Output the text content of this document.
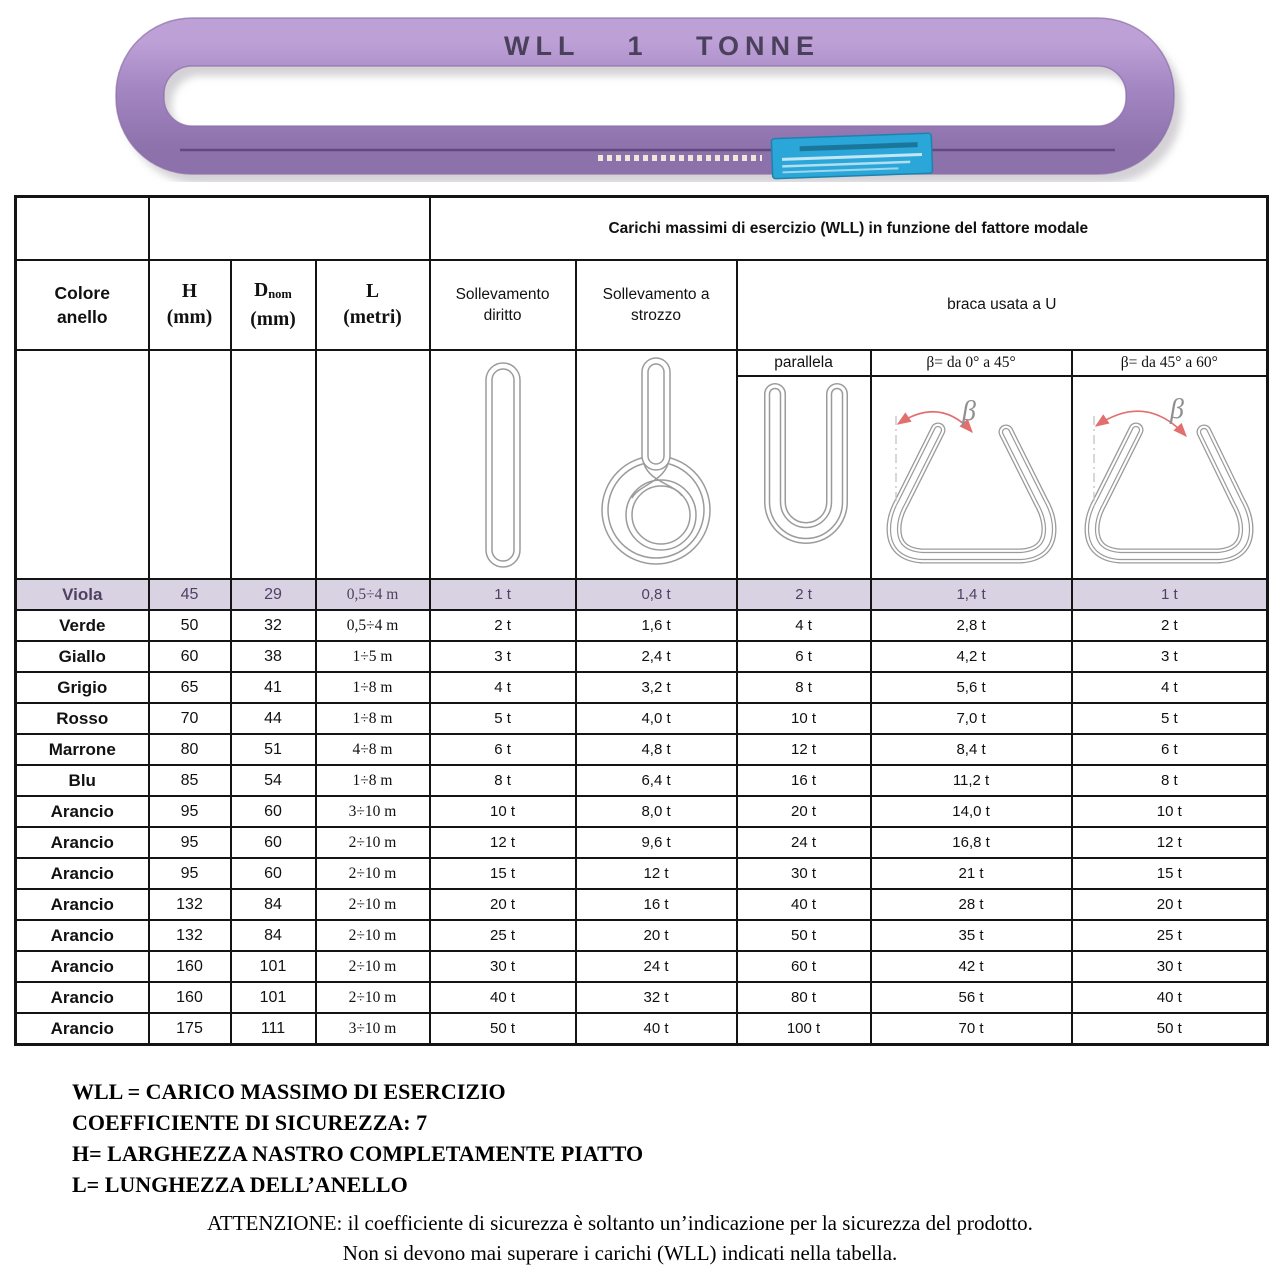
WLL 1 TONNE
				Carichi massimi di esercizio (WLL) in funzione del fattore modale				

Colore
anello

H
(mm)

Dnom
(mm)

L
(metri)

Sollevamento
diritto

Sollevamento a
strozzo
	braca usata a U

	parallela	β= da 0° a 45°	β= da 45° a 60°

β	β

Viola	45	29	0,5÷4 m	1 t	0,8 t	2 t	1,4 t	1 t
Verde	50	32	0,5÷4 m	2 t	1,6 t	4 t	2,8 t	2 t
Giallo	60	38	1÷5 m	3 t	2,4 t	6 t	4,2 t	3 t
Grigio	65	41	1÷8 m	4 t	3,2 t	8 t	5,6 t	4 t
Rosso	70	44	1÷8 m	5 t	4,0 t	10 t	7,0 t	5 t
Marrone	80	51	4÷8 m	6 t	4,8 t	12 t	8,4 t	6 t
Blu	85	54	1÷8 m	8 t	6,4 t	16 t	11,2 t	8 t
Arancio	95	60	3÷10 m	10 t	8,0 t	20 t	14,0 t	10 t
Arancio	95	60	2÷10 m	12 t	9,6 t	24 t	16,8 t	12 t
Arancio	95	60	2÷10 m	15 t	12 t	30 t	21 t	15 t
Arancio	132	84	2÷10 m	20 t	16 t	40 t	28 t	20 t
Arancio	132	84	2÷10 m	25 t	20 t	50 t	35 t	25 t
Arancio	160	101	2÷10 m	30 t	24 t	60 t	42 t	30 t
Arancio	160	101	2÷10 m	40 t	32 t	80 t	56 t	40 t
Arancio	175	111	3÷10 m	50 t	40 t	100 t	70 t	50 t
WLL = CARICO MASSIMO DI ESERCIZIO
COEFFICIENTE DI SICUREZZA: 7
H= LARGHEZZA NASTRO COMPLETAMENTE PIATTO
L= LUNGHEZZA DELL’ANELLO
ATTENZIONE: il coefficiente di sicurezza è soltanto un’indicazione per la sicurezza del prodotto.
Non si devono mai superare i carichi (WLL) indicati nella tabella.
